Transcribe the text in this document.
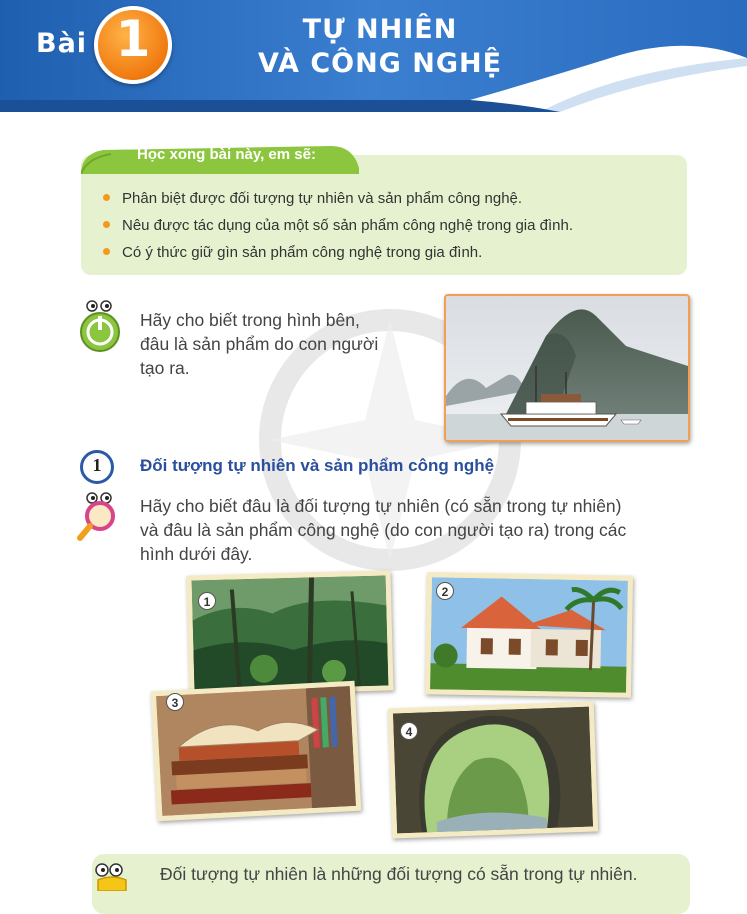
Bài 1	TỰ NHIÊN
VÀ CÔNG NGHỆ
Học xong bài này, em sẽ:
Phân biệt được đối tượng tự nhiên và sản phẩm công nghệ.
Nêu được tác dụng của một số sản phẩm công nghệ trong gia đình.
Có ý thức giữ gìn sản phẩm công nghệ trong gia đình.
Hãy cho biết trong hình bên,
đâu là sản phẩm do con người
tạo ra.
1	Đối tượng tự nhiên và sản phẩm công nghệ
Hãy cho biết đâu là đối tượng tự nhiên (có sẵn trong tự nhiên)
và đâu là sản phẩm công nghệ (do con người tạo ra) trong các
hình dưới đây.
1
2
3
4
Đối tượng tự nhiên là những đối tượng có sẵn trong tự nhiên.
